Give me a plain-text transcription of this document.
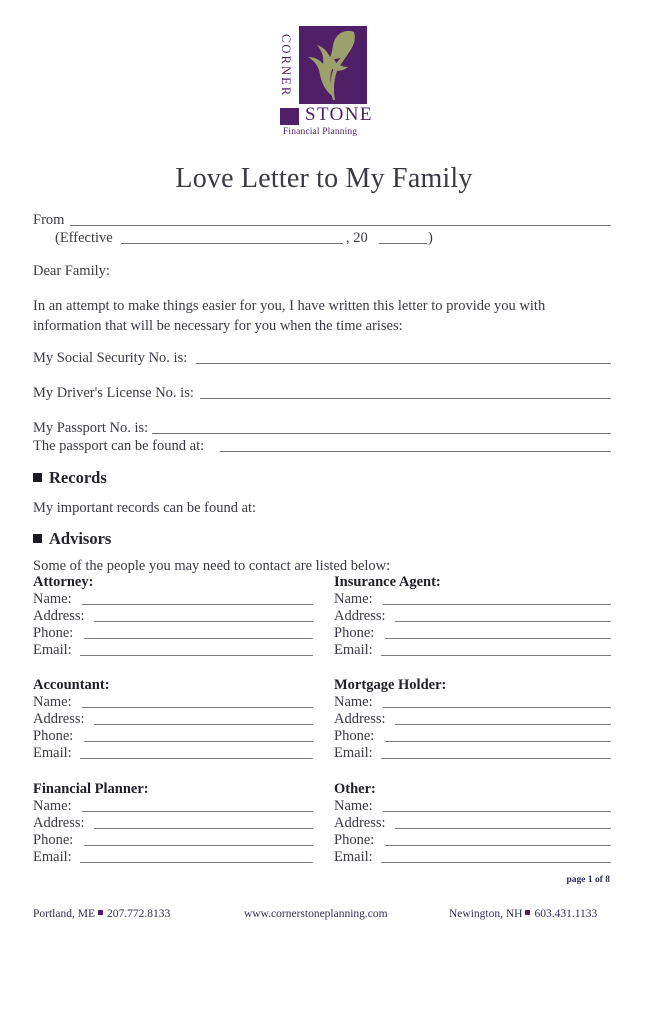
CORNER
STONE
Financial Planning
Love Letter to My Family
From
(Effective	, 20	)
Dear Family:
In an attempt to make things easier for you, I have written this letter to provide you with information that will be necessary for you when the time arises:
My Social Security No. is:
My Driver's License No. is:
My Passport No. is:
The passport can be found at:
Records
My important records can be found at:
Advisors
Some of the people you may need to contact are listed below:
Attorney:
Name:
Address:
Phone:
Email:
Insurance Agent:
Name:
Address:
Phone:
Email:
Accountant:
Name:
Address:
Phone:
Email:
Mortgage Holder:
Name:
Address:
Phone:
Email:
Financial Planner:
Name:
Address:
Phone:
Email:
Other:
Name:
Address:
Phone:
Email:
page 1 of 8
Portland, ME 207.772.8133	www.cornerstoneplanning.com	Newington, NH 603.431.1133
